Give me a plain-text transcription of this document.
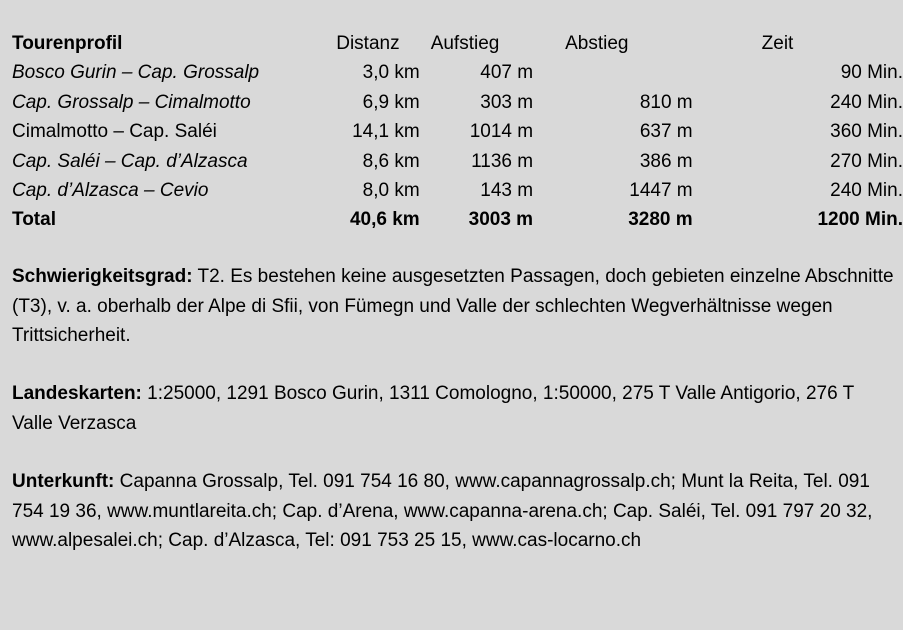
Tourenprofil	Distanz	Aufstieg	Abstieg	Zeit
Bosco Gurin – Cap. Grossalp	3,0 km	407 m		90 Min.
Cap. Grossalp – Cimalmotto	6,9 km	303 m	810 m	240 Min.
Cimalmotto – Cap. Saléi	14,1 km	1014 m	637 m	360 Min.
Cap. Saléi – Cap. d’Alzasca	8,6 km	1136 m	386 m	270 Min.
Cap. d’Alzasca – Cevio	8,0 km	143 m	1447 m	240 Min.
Total	40,6 km	3003 m	3280 m	1200 Min.

Schwierigkeitsgrad: T2. Es bestehen keine ausgesetzten Passagen, doch gebieten einzelne Abschnitte (T3), v. a. oberhalb der Alpe di Sfii, von Fümegn und Valle der schlechten Wegverhältnisse wegen Trittsicherheit.

Landeskarten: 1:25000, 1291 Bosco Gurin, 1311 Comologno, 1:50000, 275 T Valle Antigorio, 276 T Valle Verzasca

Unterkunft: Capanna Grossalp, Tel. 091 754 16 80, www.capannagrossalp.ch; Munt la Reita, Tel. 091 754 19 36, www.muntlareita.ch; Cap. d’Arena, www.capanna-arena.ch; Cap. Saléi, Tel. 091 797 20 32, www.alpesalei.ch; Cap. d’Alzasca, Tel: 091 753 25 15, www.cas-locarno.ch
